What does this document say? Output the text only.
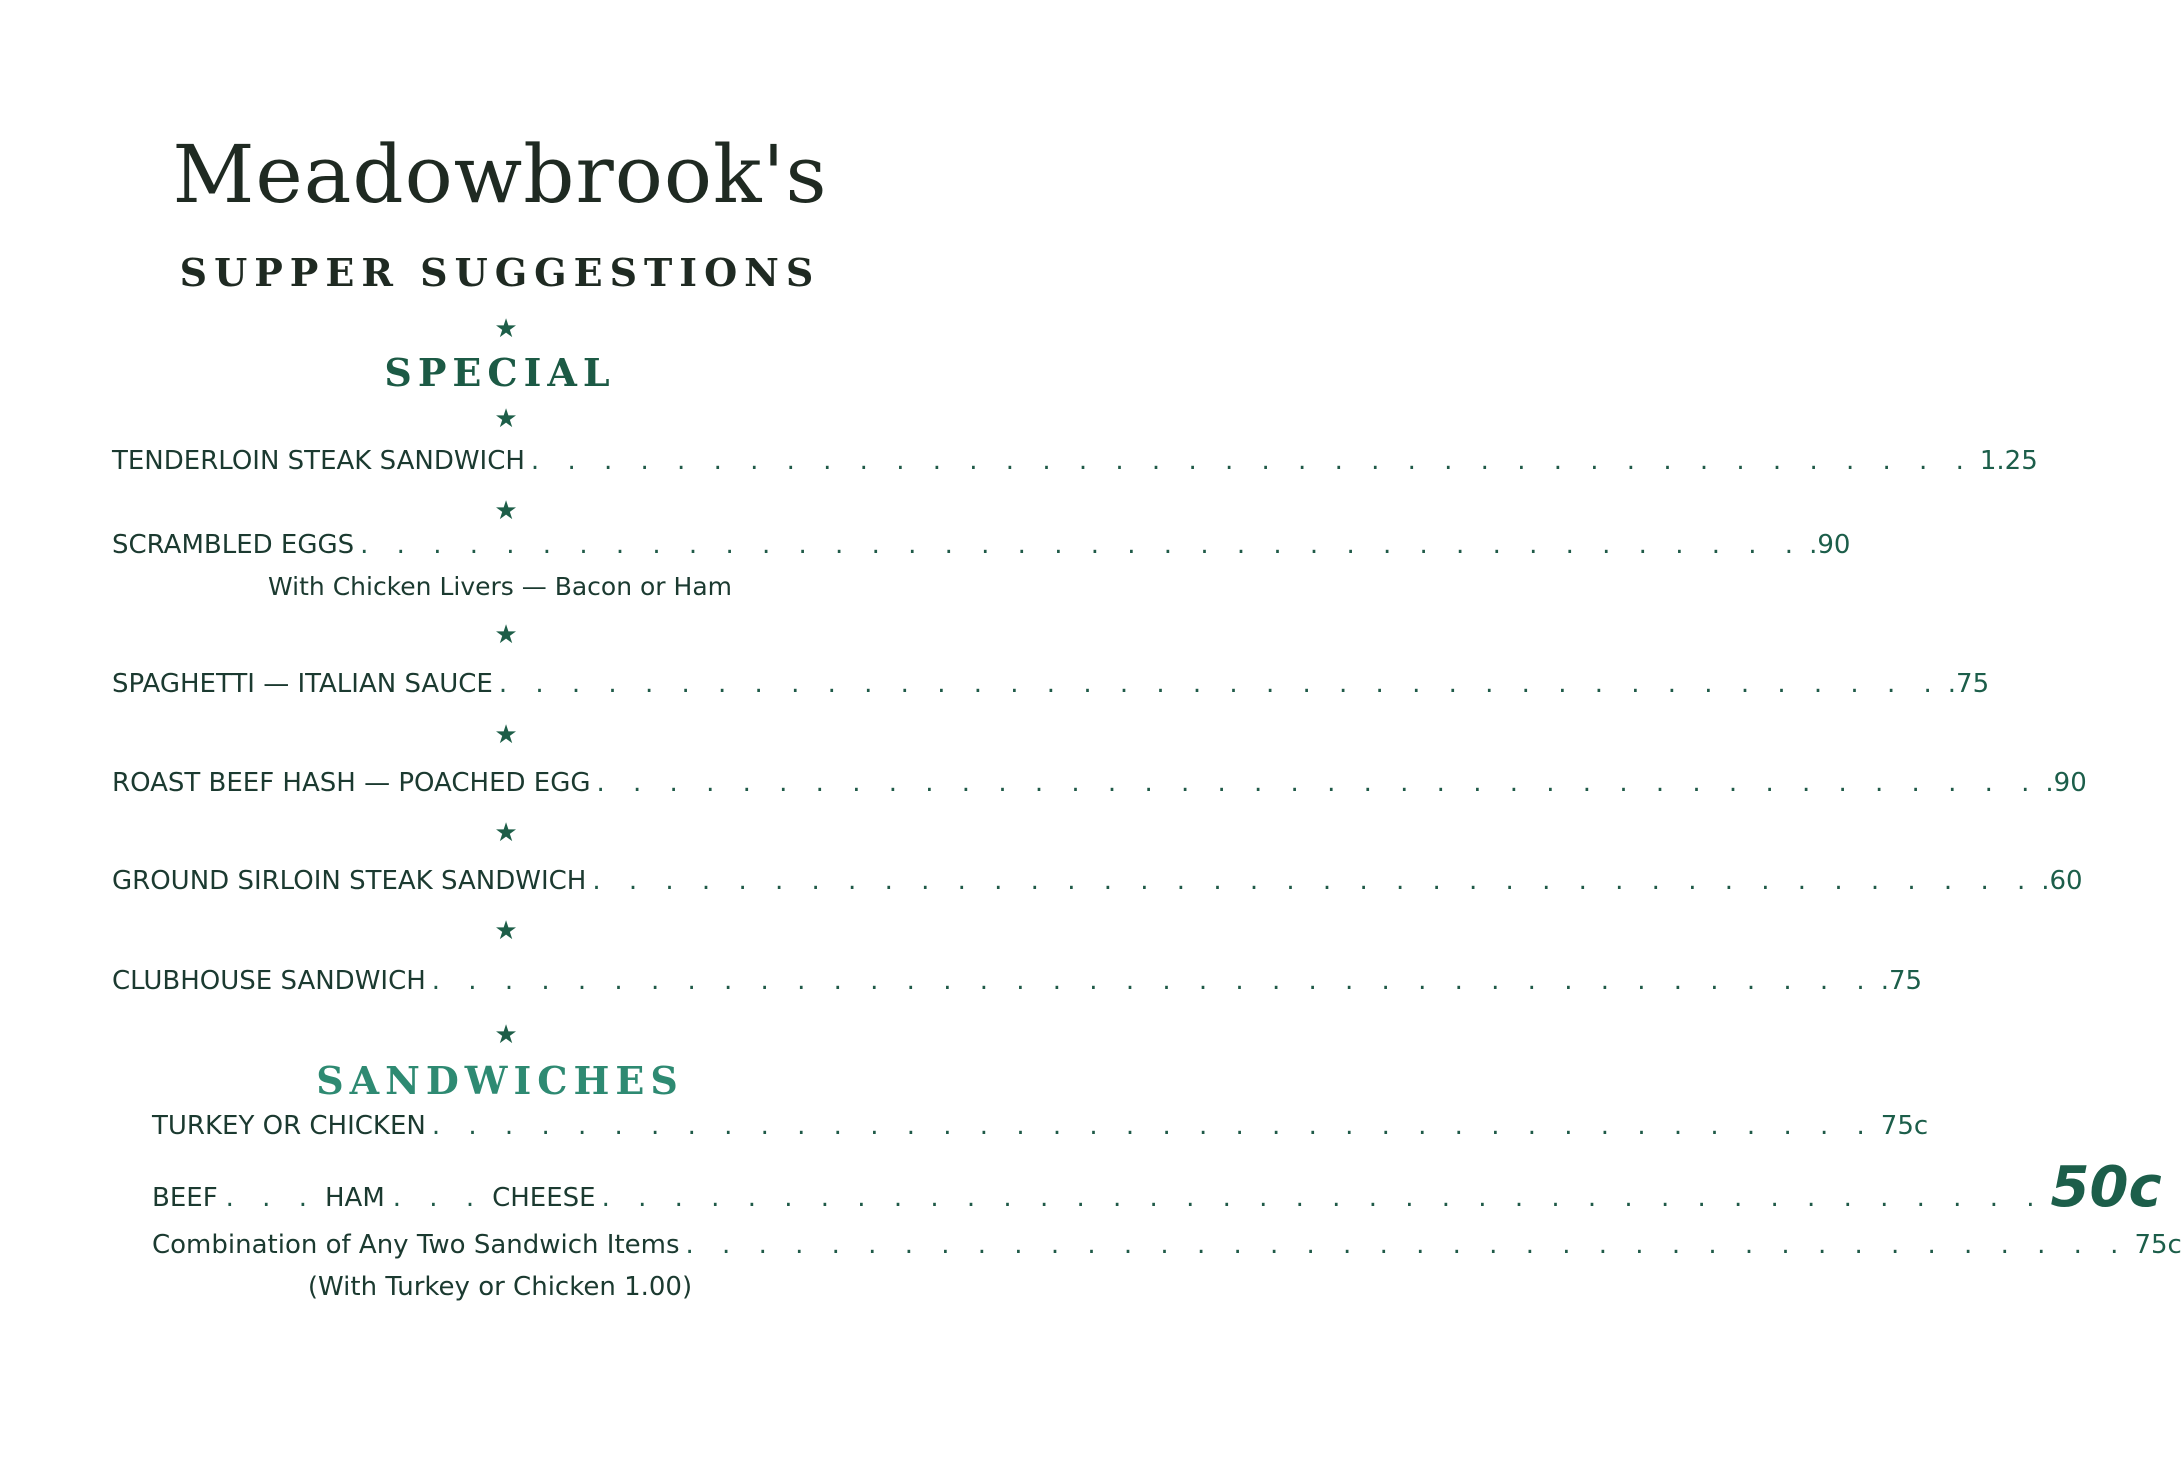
Meadowbrook's
SUPPER SUGGESTIONS
★
SPECIAL
★
TENDERLOIN STEAK SANDWICH . . . . . . . . . . . . . . . . . . . . . . . . . . . . . . . . . . . . . . . . 1.25
★
SCRAMBLED EGGS . . . . . . . . . . . . . . . . . . . . . . . . . . . . . . . . . . . . . . . . .90
With Chicken Livers — Bacon or Ham
★
SPAGHETTI — ITALIAN SAUCE . . . . . . . . . . . . . . . . . . . . . . . . . . . . . . . . . . . . . . . . .75
★
ROAST BEEF HASH — POACHED EGG . . . . . . . . . . . . . . . . . . . . . . . . . . . . . . . . . . . . . . . . .90
★
GROUND SIRLOIN STEAK SANDWICH . . . . . . . . . . . . . . . . . . . . . . . . . . . . . . . . . . . . . . . . .60
★
CLUBHOUSE SANDWICH . . . . . . . . . . . . . . . . . . . . . . . . . . . . . . . . . . . . . . . . .75
★
SANDWICHES
TURKEY OR CHICKEN . . . . . . . . . . . . . . . . . . . . . . . . . . . . . . . . . . . . . . . . 75c
BEEF . . . HAM . . . CHEESE . . . . . . . . . . . . . . . . . . . . . . . . . . . . . . . . . . . . . . . . 50c
Combination of Any Two Sandwich Items . . . . . . . . . . . . . . . . . . . . . . . . . . . . . . . . . . . . . . . . 75c
(With Turkey or Chicken 1.00)
